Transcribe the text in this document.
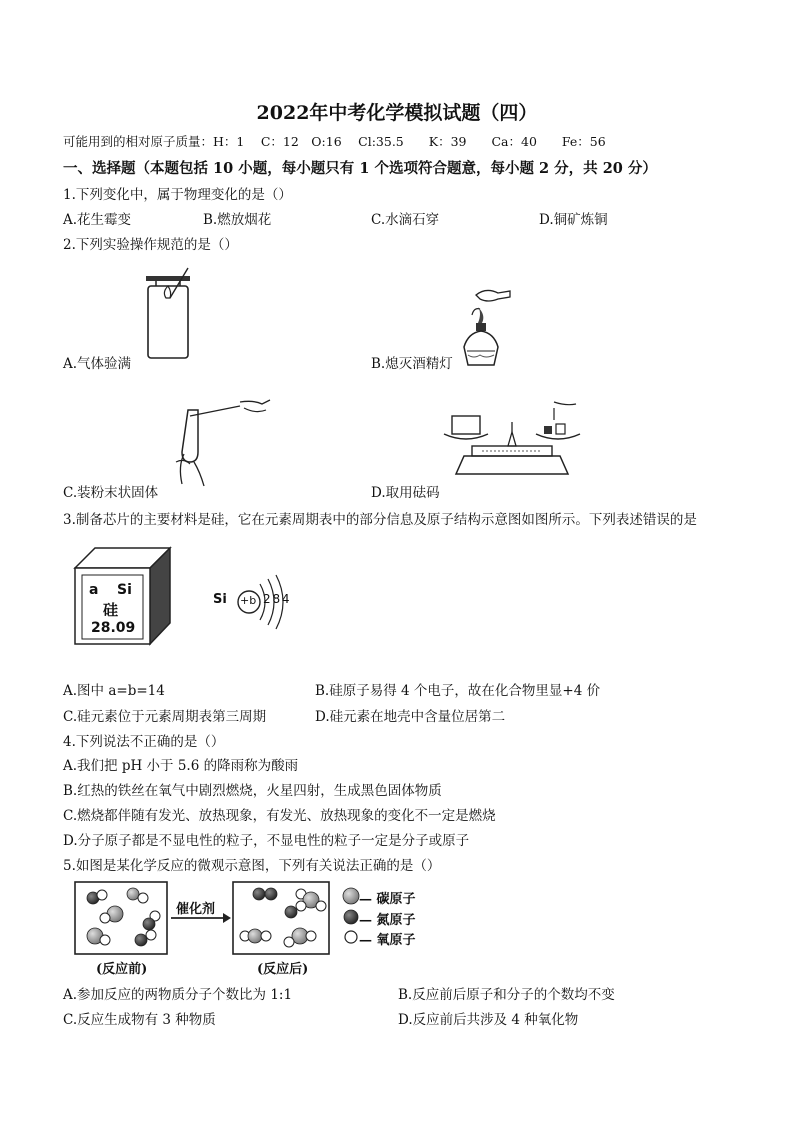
2022年中考化学模拟试题（四）
可能用到的相对原子质量：H：1　 C：12　O:16　 Cl:35.5　　K：39　　Ca：40　　Fe：56
一、选择题（本题包括 10 小题，每小题只有 1 个选项符合题意，每小题 2 分，共 20 分）
1.下列变化中，属于物理变化的是（）
A.花生霉变	B.燃放烟花	C.水滴石穿	D.铜矿炼铜
2.下列实验操作规范的是（）
A.气体验满	B.熄灭酒精灯
C.装粉末状固体	D.取用砝码
3.制备芯片的主要材料是硅，它在元素周期表中的部分信息及原子结构示意图如图所示。下列表述错误的是
a Si
硅
28.09
Si +b 2 8 4
A.图中 a=b=14	B.硅原子易得 4 个电子，故在化合物里显+4 价
C.硅元素位于元素周期表第三周期	D.硅元素在地壳中含量位居第二
4.下列说法不正确的是（）
A.我们把 pH 小于 5.6 的降雨称为酸雨
B.红热的铁丝在氧气中剧烈燃烧，火星四射，生成黑色固体物质
C.燃烧都伴随有发光、放热现象，有发光、放热现象的变化不一定是燃烧
D.分子原子都是不显电性的粒子，不显电性的粒子一定是分子或原子
5.如图是某化学反应的微观示意图，下列有关说法正确的是（）
催化剂
(反应前)	(反应后)
— 碳原子
— 氮原子
— 氧原子
A.参加反应的两物质分子个数比为 1:1	B.反应前后原子和分子的个数均不变
C.反应生成物有 3 种物质	D.反应前后共涉及 4 种氧化物
